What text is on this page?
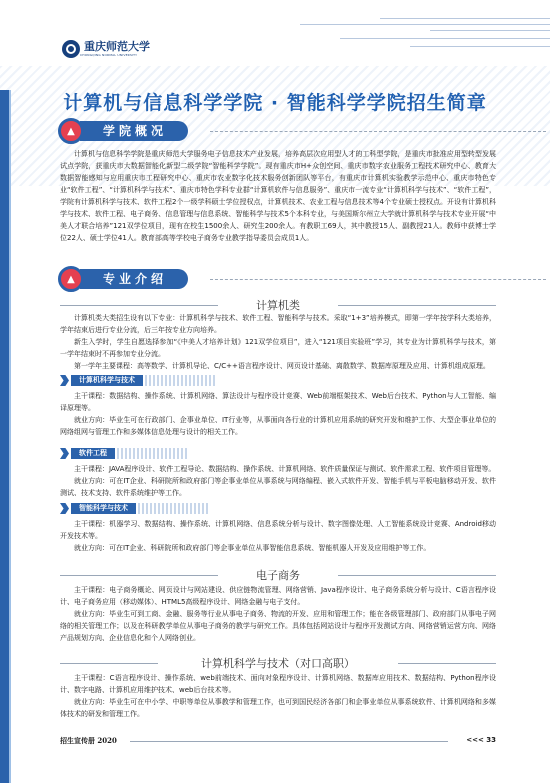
重庆师范大学
CHONGQING NORMAL UNIVERSITY
计算机与信息科学学院 · 智能科学学院招生简章
▲	学院概况

计算机与信息科学学院是重庆师范大学服务电子信息技术产业发展，培养高层次应用型人才的工科型学院，是重庆市批准应用型转型发展试点学院，获重庆市大数据智能化新型二级学院“智能科学学院”。现有重庆市H+众创空间、重庆市数字农业服务工程技术研究中心、教育大数据智能感知与应用重庆市工程研究中心、重庆市农业数字化技术服务创新团队等平台，有重庆市计算机实验教学示范中心、重庆市特色专业“软件工程”、“计算机科学与技术”、重庆市特色学科专业群“计算机软件与信息服务”、重庆市一流专业“计算机科学与技术”、“软件工程”，学院有计算机科学与技术、软件工程2个一级学科硕士学位授权点，计算机技术、农业工程与信息技术等4个专业硕士授权点。开设有计算机科学与技术、软件工程、电子商务、信息管理与信息系统、智能科学与技术5个本科专业，与美国斯尔州立大学就计算机科学与技术专业开展“中美人才联合培养”121双学位项目，现有在校生1500余人、研究生200余人。有教职工69人，其中教授15人、副教授21人。教师中获博士学位22人、硕士学位41人。教育部高等学校电子商务专业教学指导委员会成员1人。

▲	专业介绍
计算机类

计算机类大类招生设有以下专业：计算机科学与技术、软件工程、智能科学与技术。采取“1+3”培养模式，即第一学年按学科大类培养，学年结束后进行专业分流，后三年按专业方向培养。

新生入学时，学生自愿选择参加“《中美人才培养计划》121双学位项目”，进入“121项目实验班”学习，其专业为计算机科学与技术，第一学年结束时不再参加专业分流。

第一学年主要课程：高等数学、计算机导论、C/C++语言程序设计、网页设计基础、离散数学、数据库原理及应用、计算机组成原理。

计算机科学与技术

主干课程：数据结构、操作系统、计算机网络、算法设计与程序设计竞赛、Web前端框架技术、Web后台技术、Python与人工智能、编译原理等。

就业方向：毕业生可在行政部门、企事业单位、IT行业等，从事面向各行业的计算机应用系统的研究开发和维护工作、大型企事业单位的网络组网与管理工作和多媒体信息处理与设计的相关工作。

软件工程

主干课程：JAVA程序设计、软件工程导论、数据结构、操作系统、计算机网络、软件质量保证与测试、软件需求工程、软件项目管理等。

就业方向：可在IT企业、科研院所和政府部门等企事业单位从事系统与网络编程、嵌入式软件开发、智能手机与平板电脑移动开发、软件测试、技术支持、软件系统维护等工作。

智能科学与技术

主干课程：机器学习、数据结构、操作系统、计算机网络、信息系统分析与设计、数字图像处理、人工智能系统设计竞赛、Android移动开发技术等。

就业方向：可在IT企业、科研院所和政府部门等企事业单位从事智能信息系统、智能机器人开发及应用维护等工作。

电子商务

主干课程：电子商务概论、网页设计与网站建设、供应链物流管理、网络营销、Java程序设计、电子商务系统分析与设计、C语言程序设计、电子商务应用（移动媒体）、HTML5高级程序设计、网络金融与电子支付。

就业方向：毕业生可到工商、金融、服务等行业从事电子商务、物流的开发、应用和管理工作；能在各级管理部门、政府部门从事电子网络的相关管理工作；以及在科研教学单位从事电子商务的教学与研究工作。具体包括网站设计与程序开发测试方向、网络营销运营方向、网络产品规划方向、企业信息化和个人网络创业。

计算机科学与技术（对口高职）

主干课程：C语言程序设计、操作系统、web前端技术、面向对象程序设计、计算机网络、数据库应用技术、数据结构、Python程序设计、数字电路、计算机应用维护技术、web后台技术等。

就业方向：毕业生可在中小学、中职等单位从事教学和管理工作，也可到国民经济各部门和企事业单位从事系统软件、计算机网络和多媒体技术的研发和管理工作。

招生宣传册 2020	<<< 33
